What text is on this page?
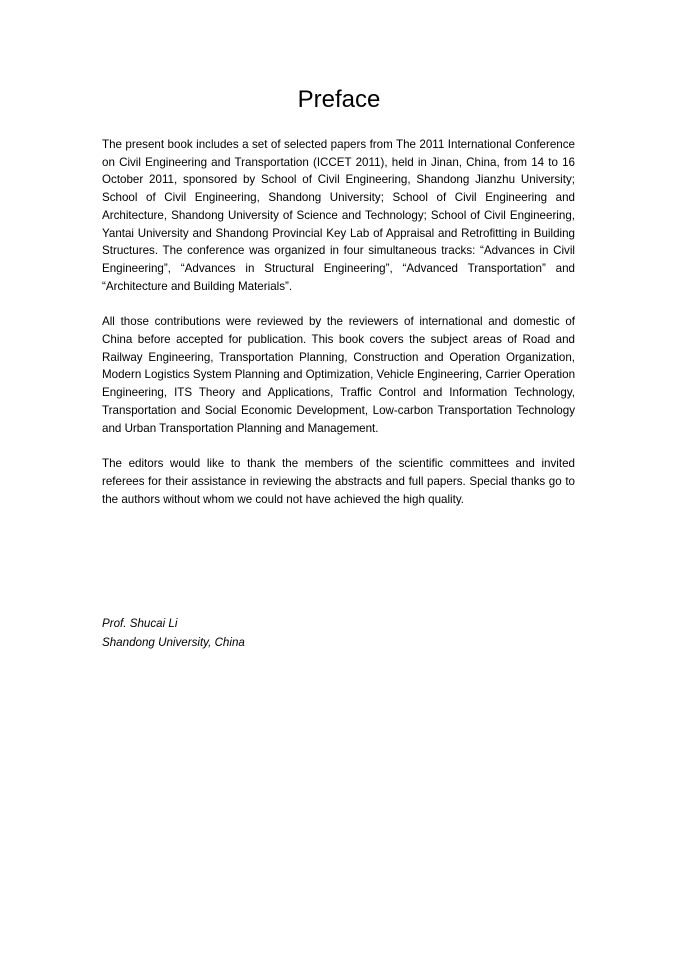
Preface

The present book includes a set of selected papers from The 2011 International Conference on Civil Engineering and Transportation (ICCET 2011), held in Jinan, China, from 14 to 16 October 2011, sponsored by School of Civil Engineering, Shandong Jianzhu University; School of Civil Engineering, Shandong University; School of Civil Engineering and Architecture, Shandong University of Science and Technology; School of Civil Engineering, Yantai University and Shandong Provincial Key Lab of Appraisal and Retrofitting in Building Structures. The conference was organized in four simultaneous tracks: “Advances in Civil Engineering”, “Advances in Structural Engineering”, “Advanced Transportation” and “Architecture and Building Materials”.

All those contributions were reviewed by the reviewers of international and domestic of China before accepted for publication. This book covers the subject areas of Road and Railway Engineering, Transportation Planning, Construction and Operation Organization, Modern Logistics System Planning and Optimization, Vehicle Engineering, Carrier Operation Engineering, ITS Theory and Applications, Traffic Control and Information Technology, Transportation and Social Economic Development, Low-carbon Transportation Technology and Urban Transportation Planning and Management.

The editors would like to thank the members of the scientific committees and invited referees for their assistance in reviewing the abstracts and full papers. Special thanks go to the authors without whom we could not have achieved the high quality.

Prof. Shucai Li
Shandong University, China
